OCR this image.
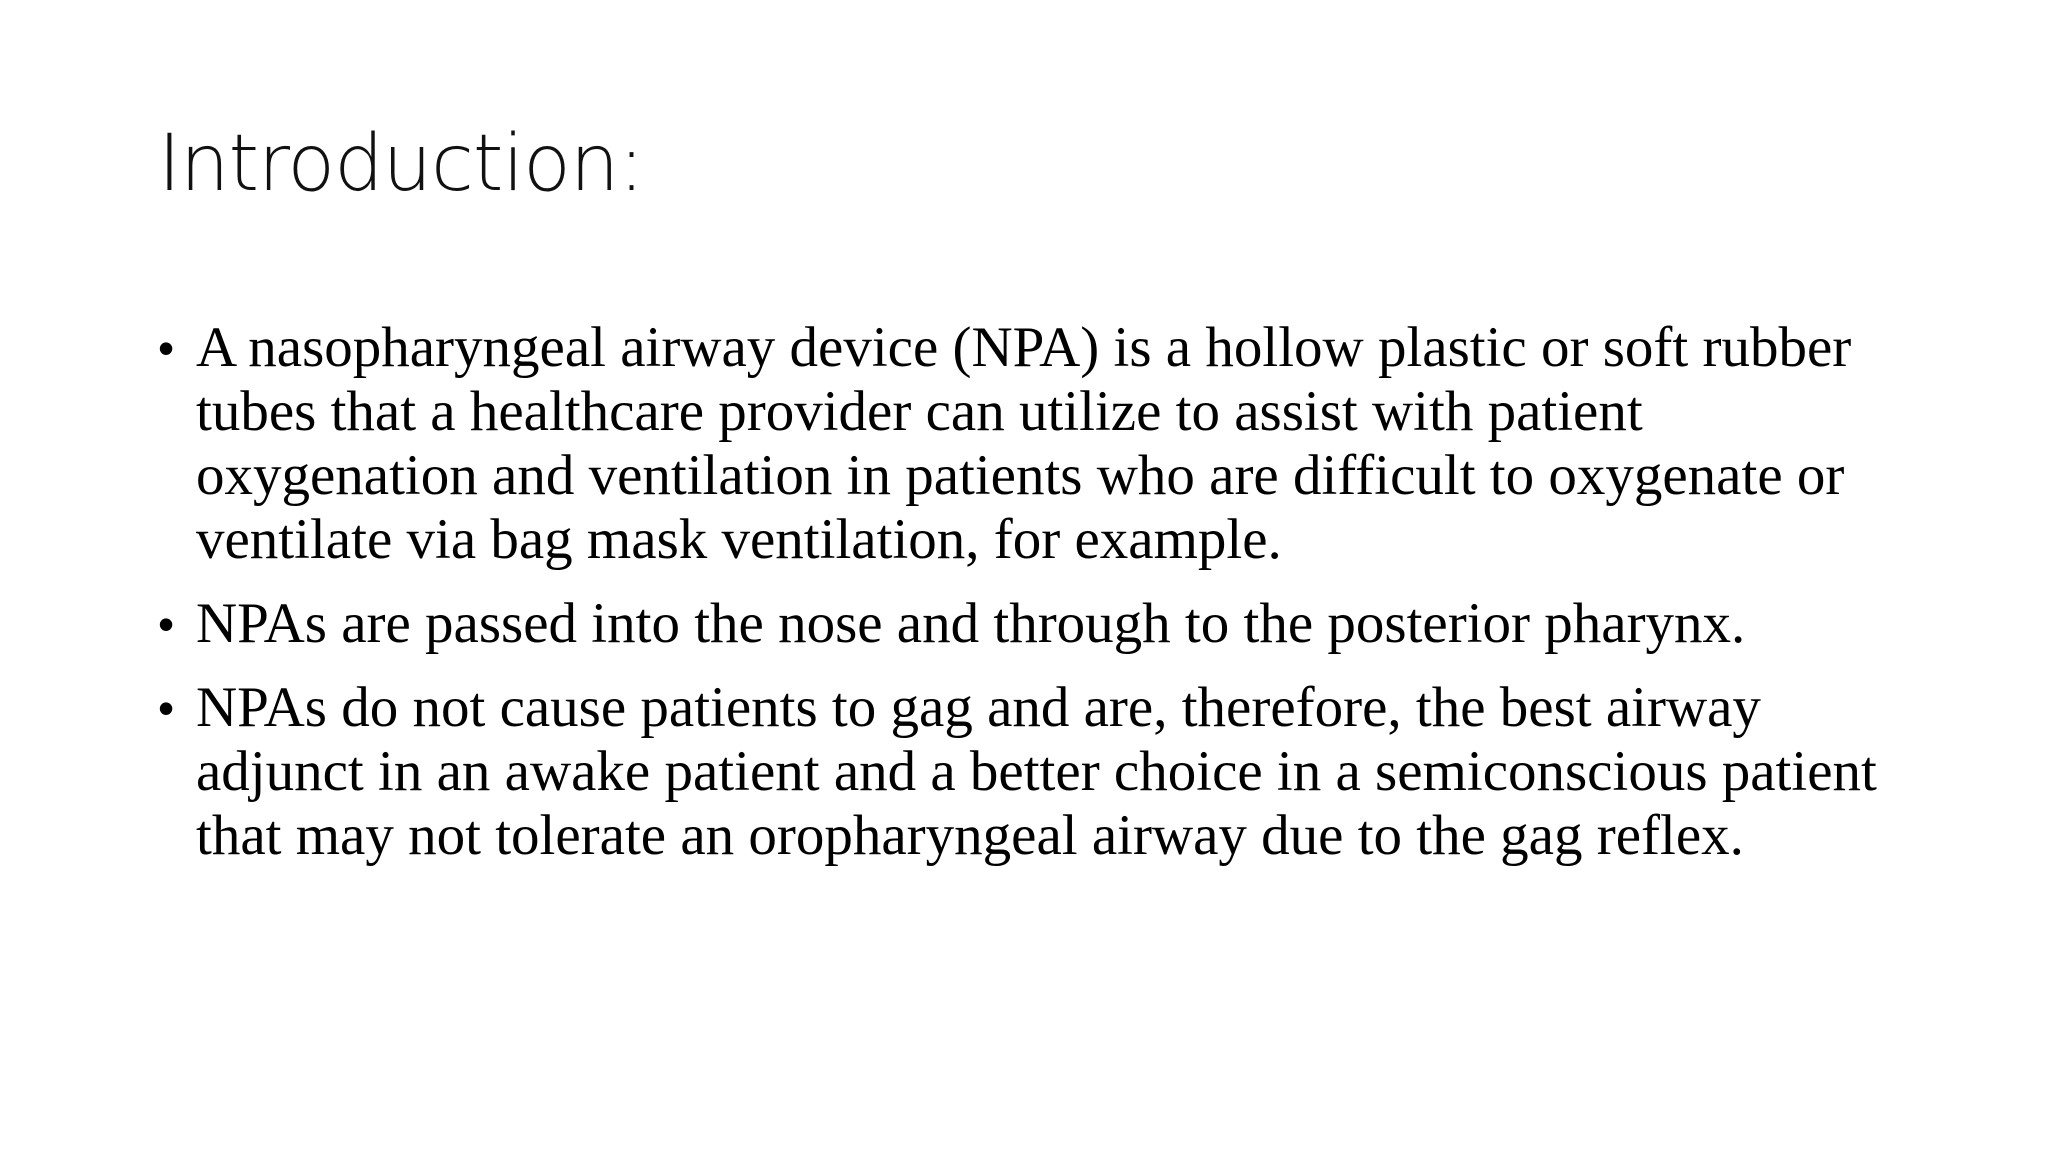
Introduction:
• A nasopharyngeal airway device (NPA) is a hollow plastic or soft rubber tubes that a healthcare provider can utilize to assist with patient oxygenation and ventilation in patients who are difficult to oxygenate or ventilate via bag mask ventilation, for example.
• NPAs are passed into the nose and through to the posterior pharynx.
• NPAs do not cause patients to gag and are, therefore, the best airway adjunct in an awake patient and a better choice in a semiconscious patient that may not tolerate an oropharyngeal airway due to the gag reflex.
